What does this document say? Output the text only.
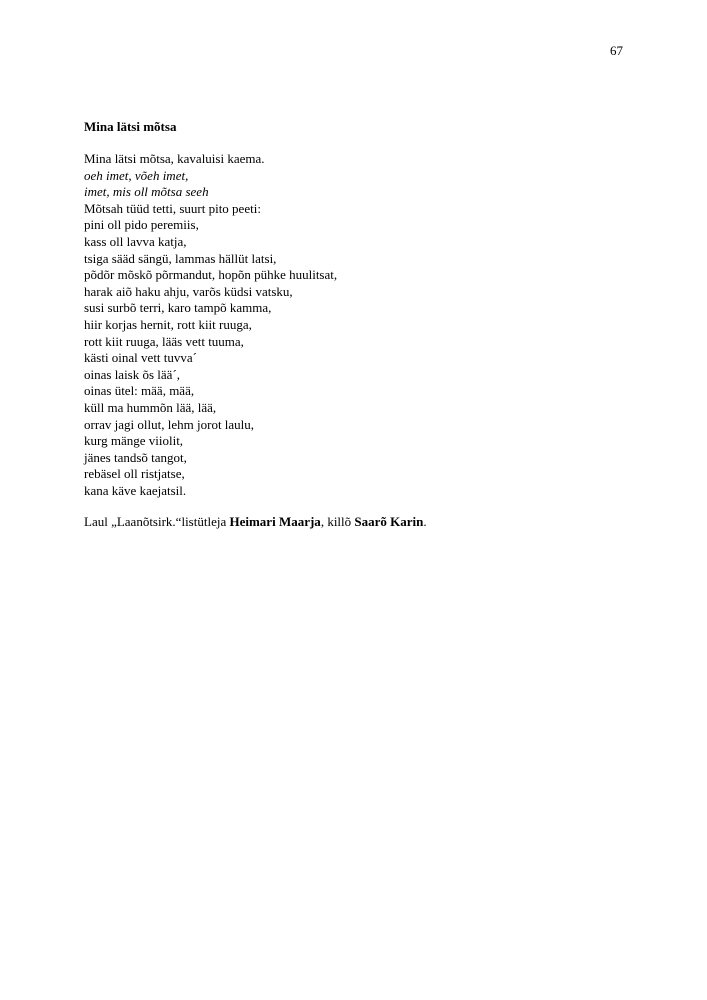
67
Mina lätsi mõtsa
Mina lätsi mõtsa, kavaluisi kaema.
oeh imet, võeh imet,
imet, mis oll mõtsa seeh
Mõtsah tüüd tetti, suurt pito peeti:
pini oll pido peremiis,
kass oll lavva katja,
tsiga sääd sängü, lammas hällüt latsi,
põdõr mõskõ põrmandut, hopõn pühke huulitsat,
harak aiõ haku ahju, varõs küdsi vatsku,
susi surbõ terri, karo tampõ kamma,
hiir korjas hernit, rott kiit ruuga,
rott kiit ruuga, lääs vett tuuma,
kästi oinal vett tuvva´
oinas laisk õs lää´,
oinas ütel: mää, mää,
küll ma hummõn lää, lää,
orrav jagi ollut, lehm jorot laulu,
kurg mänge viiolit,
jänes tandsõ tangot,
rebäsel oll ristjatse,
kana käve kaejatsil.
Laul „Laanõtsirk.“listütleja Heimari Maarja, killõ Saarõ Karin.
